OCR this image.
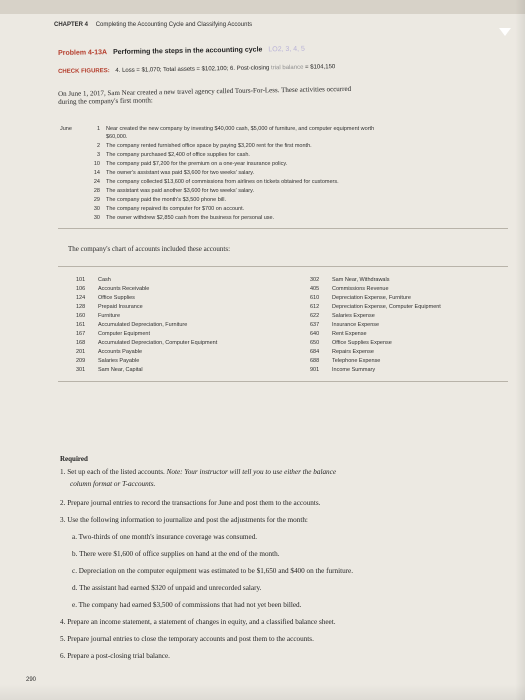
CHAPTER 4 Completing the Accounting Cycle and Classifying Accounts
Problem 4-13A Performing the steps in the accounting cycle LO2, 3, 4, 5
CHECK FIGURES: 4. Loss = $1,070; Total assets = $102,100; 6. Post-closing trial balance = $104,150
On June 1, 2017, Sam Near created a new travel agency called Tours-For-Less. These activities occurred
during the company's first month:
June	1 Near created the new company by investing $40,000 cash, $5,000 of furniture, and computer equipment worth
$60,000.
2 The company rented furnished office space by paying $3,200 rent for the first month.
3 The company purchased $2,400 of office supplies for cash.
10 The company paid $7,200 for the premium on a one-year insurance policy.
14 The owner's assistant was paid $3,600 for two weeks' salary.
24 The company collected $13,600 of commissions from airlines on tickets obtained for customers.
28 The assistant was paid another $3,600 for two weeks' salary.
29 The company paid the month's $3,500 phone bill.
30 The company repaired its computer for $700 on account.
30 The owner withdrew $2,850 cash from the business for personal use.
The company's chart of accounts included these accounts:
101	Cash
106	Accounts Receivable
124	Office Supplies
128	Prepaid Insurance
160	Furniture
161	Accumulated Depreciation, Furniture
167	Computer Equipment
168	Accumulated Depreciation, Computer Equipment
201	Accounts Payable
209	Salaries Payable
301	Sam Near, Capital
302	Sam Near, Withdrawals
405	Commissions Revenue
610	Depreciation Expense, Furniture
612	Depreciation Expense, Computer Equipment
622	Salaries Expense
637	Insurance Expense
640	Rent Expense
650	Office Supplies Expense
684	Repairs Expense
688	Telephone Expense
901	Income Summary
Required
1. Set up each of the listed accounts. Note: Your instructor will tell you to use either the balance
column format or T-accounts.
2. Prepare journal entries to record the transactions for June and post them to the accounts.
3. Use the following information to journalize and post the adjustments for the month:
a. Two-thirds of one month's insurance coverage was consumed.
b. There were $1,600 of office supplies on hand at the end of the month.
c. Depreciation on the computer equipment was estimated to be $1,650 and $400 on the furniture.
d. The assistant had earned $320 of unpaid and unrecorded salary.
e. The company had earned $3,500 of commissions that had not yet been billed.
4. Prepare an income statement, a statement of changes in equity, and a classified balance sheet.
5. Prepare journal entries to close the temporary accounts and post them to the accounts.
6. Prepare a post-closing trial balance.
290
